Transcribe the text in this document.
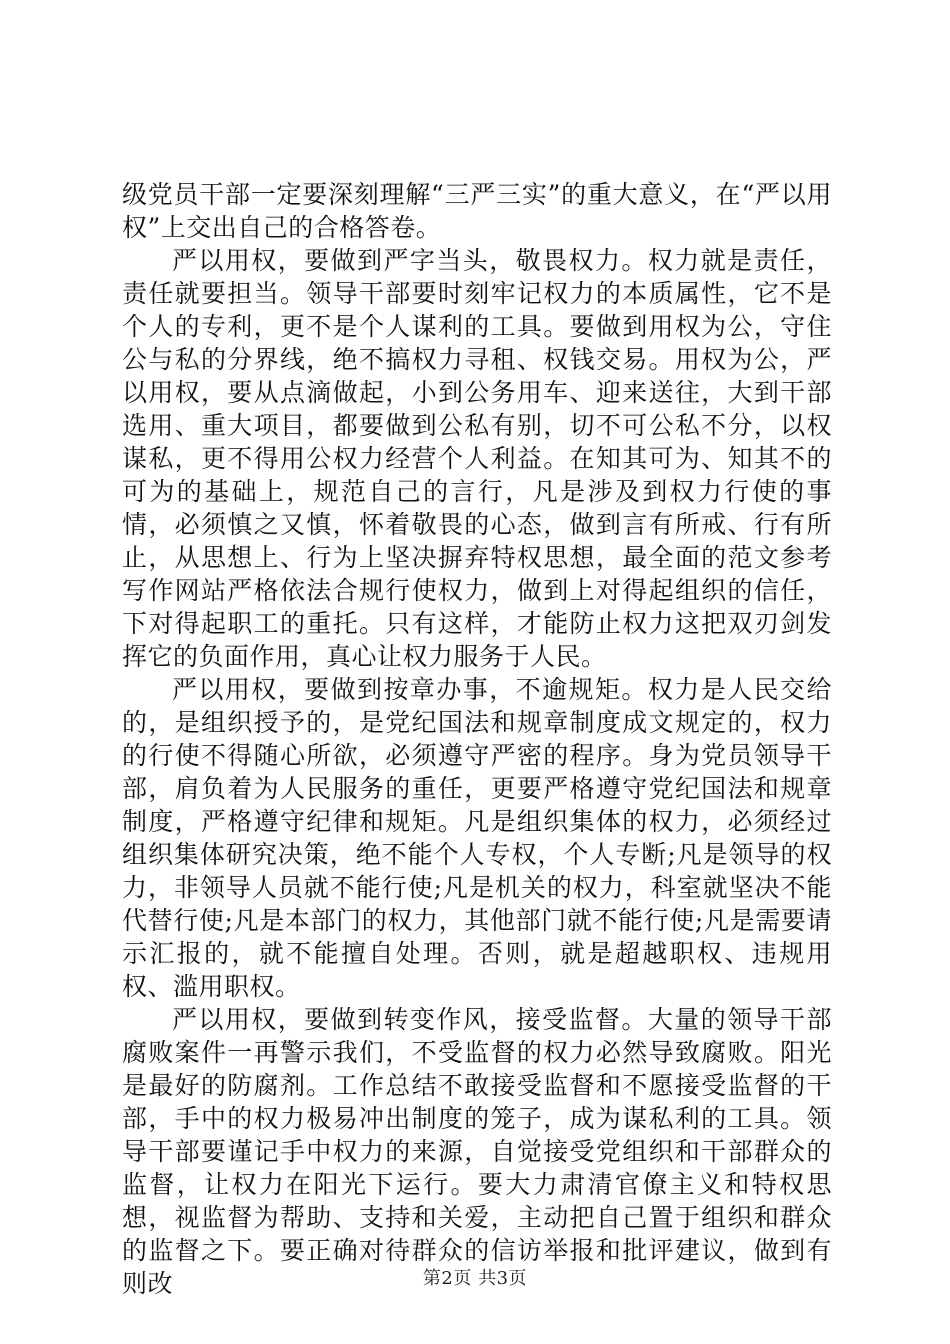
级党员干部一定要深刻理解“三严三实”的重大意义，在“严以用权”上交出自己的合格答卷。

严以用权，要做到严字当头，敬畏权力。权力就是责任，责任就要担当。领导干部要时刻牢记权力的本质属性，它不是个人的专利，更不是个人谋利的工具。要做到用权为公，守住公与私的分界线，绝不搞权力寻租、权钱交易。用权为公，严以用权，要从点滴做起，小到公务用车、迎来送往，大到干部选用、重大项目，都要做到公私有别，切不可公私不分，以权谋私，更不得用公权力经营个人利益。在知其可为、知其不的可为的基础上，规范自己的言行，凡是涉及到权力行使的事情，必须慎之又慎，怀着敬畏的心态，做到言有所戒、行有所止，从思想上、行为上坚决摒弃特权思想，最全面的范文参考写作网站严格依法合规行使权力，做到上对得起组织的信任，下对得起职工的重托。只有这样，才能防止权力这把双刃剑发挥它的负面作用，真心让权力服务于人民。

严以用权，要做到按章办事，不逾规矩。权力是人民交给的，是组织授予的，是党纪国法和规章制度成文规定的，权力的行使不得随心所欲，必须遵守严密的程序。身为党员领导干部，肩负着为人民服务的重任，更要严格遵守党纪国法和规章制度，严格遵守纪律和规矩。凡是组织集体的权力，必须经过组织集体研究决策，绝不能个人专权，个人专断;凡是领导的权力，非领导人员就不能行使;凡是机关的权力，科室就坚决不能代替行使;凡是本部门的权力，其他部门就不能行使;凡是需要请示汇报的，就不能擅自处理。否则，就是超越职权、违规用权、滥用职权。

严以用权，要做到转变作风，接受监督。大量的领导干部腐败案件一再警示我们，不受监督的权力必然导致腐败。阳光是最好的防腐剂。工作总结不敢接受监督和不愿接受监督的干部，手中的权力极易冲出制度的笼子，成为谋私利的工具。领导干部要谨记手中权力的来源，自觉接受党组织和干部群众的监督，让权力在阳光下运行。要大力肃清官僚主义和特权思想，视监督为帮助、支持和关爱，主动把自己置于组织和群众的监督之下。要正确对待群众的信访举报和批评建议，做到有则改	第2页 共3页
